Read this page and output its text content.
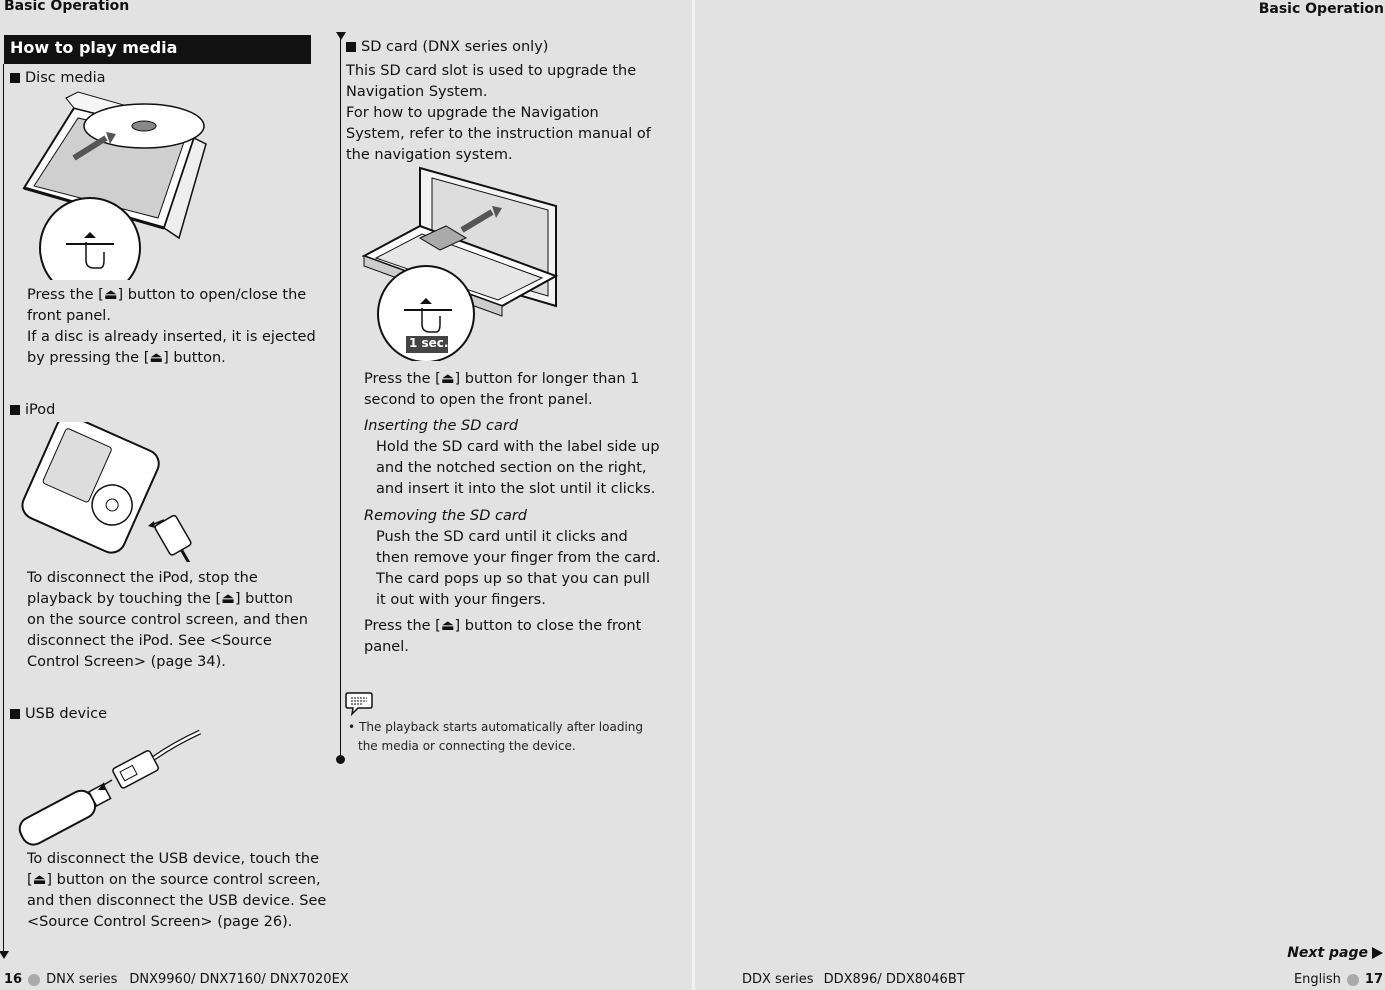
Basic Operation
How to play media
Disc media
Press the [⏏] button to open/close the
front panel.
If a disc is already inserted, it is ejected
by pressing the [⏏] button.
iPod
To disconnect the iPod, stop the
playback by touching the [⏏] button
on the source control screen, and then
disconnect the iPod. See <Source
Control Screen> (page 34).
USB device
To disconnect the USB device, touch the
[⏏] button on the source control screen,
and then disconnect the USB device. See
<Source Control Screen> (page 26).
16 DNX series DNX9960/ DNX7160/ DNX7020EX
SD card (DNX series only)
This SD card slot is used to upgrade the
Navigation System.
For how to upgrade the Navigation
System, refer to the instruction manual of
the navigation system.
1 sec.
Press the [⏏] button for longer than 1
second to open the front panel.
Inserting the SD card
Hold the SD card with the label side up
and the notched section on the right,
and insert it into the slot until it clicks.
Removing the SD card
Push the SD card until it clicks and
then remove your finger from the card.
The card pops up so that you can pull
it out with your fingers.
Press the [⏏] button to close the front
panel.
• The playback starts automatically after loading
the media or connecting the device.
Basic Operation
Next page
DDX series DDX896/ DDX8046BT	English 17
